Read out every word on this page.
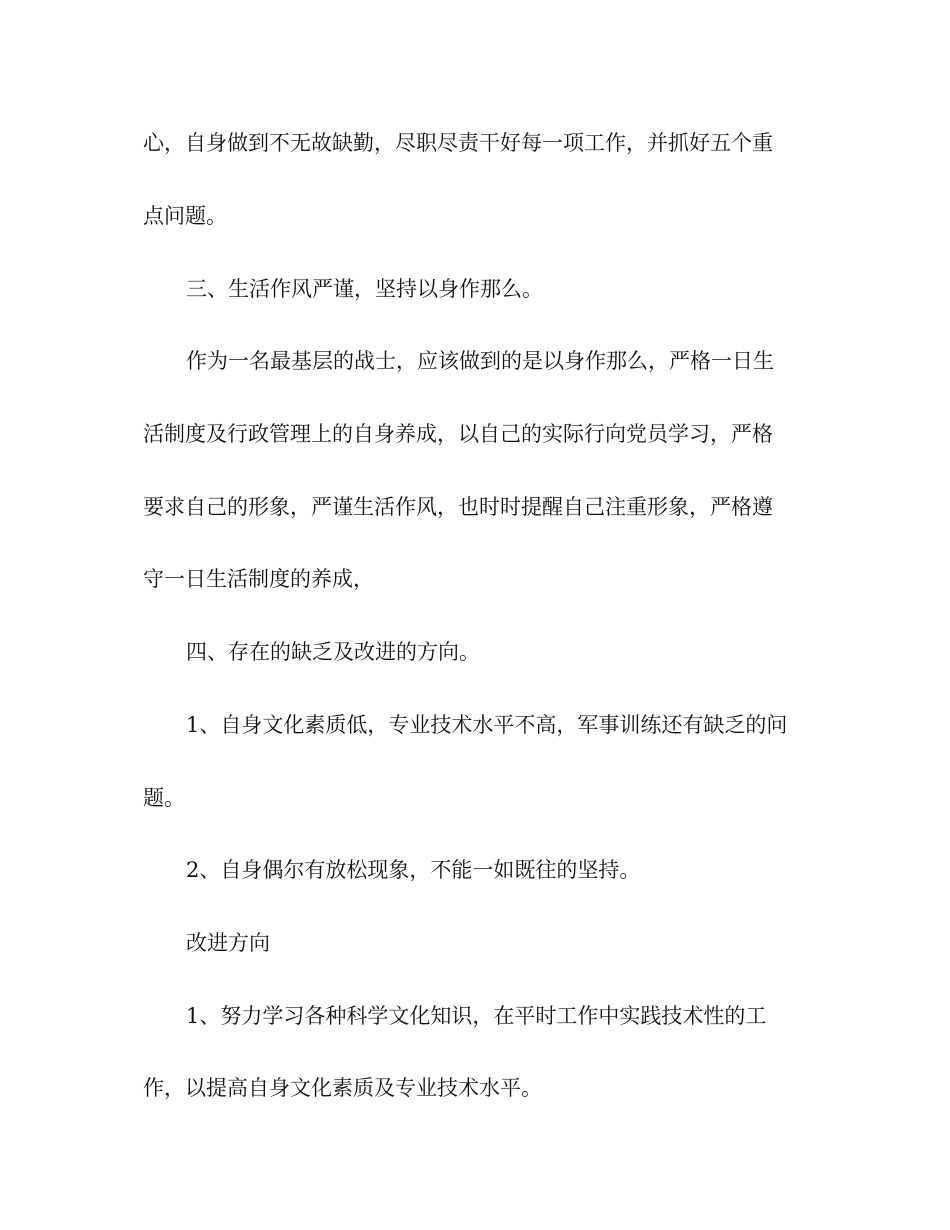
心，自身做到不无故缺勤，尽职尽责干好每一项工作，并抓好五个重

点问题。

三、生活作风严谨，坚持以身作那么。

作为一名最基层的战士，应该做到的是以身作那么，严格一日生

活制度及行政管理上的自身养成，以自己的实际行向党员学习，严格

要求自己的形象，严谨生活作风，也时时提醒自己注重形象，严格遵

守一日生活制度的养成，

四、存在的缺乏及改进的方向。

1、自身文化素质低，专业技术水平不高，军事训练还有缺乏的问

题。

2、自身偶尔有放松现象，不能一如既往的坚持。

改进方向

1、努力学习各种科学文化知识，在平时工作中实践技术性的工

作，以提高自身文化素质及专业技术水平。
